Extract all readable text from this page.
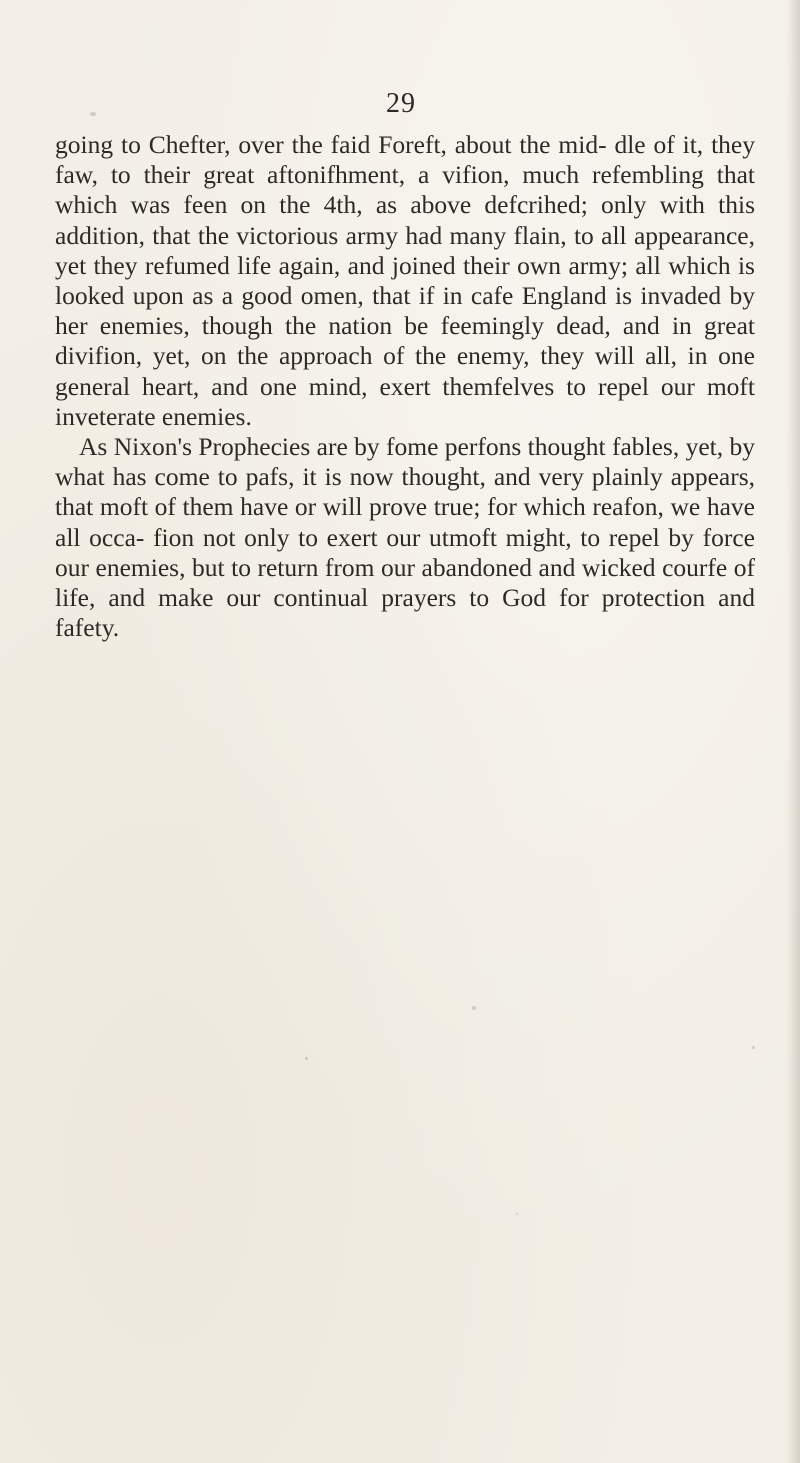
29

going to Chefter, over the faid Foreft, about the mid- dle of it, they faw, to their great aftonifhment, a vifion, much refembling that which was feen on the 4th, as above defcrihed; only with this addition, that the victorious army had many flain, to all appearance, yet they refumed life again, and joined their own army; all which is looked upon as a good omen, that if in cafe England is invaded by her enemies, though the nation be feemingly dead, and in great divifion, yet, on the approach of the enemy, they will all, in one general heart, and one mind, exert themfelves to repel our moft inveterate enemies.

As Nixon's Prophecies are by fome perfons thought fables, yet, by what has come to pafs, it is now thought, and very plainly appears, that moft of them have or will prove true; for which reafon, we have all occa- fion not only to exert our utmoft might, to repel by force our enemies, but to return from our abandoned and wicked courfe of life, and make our continual prayers to God for protection and fafety.
